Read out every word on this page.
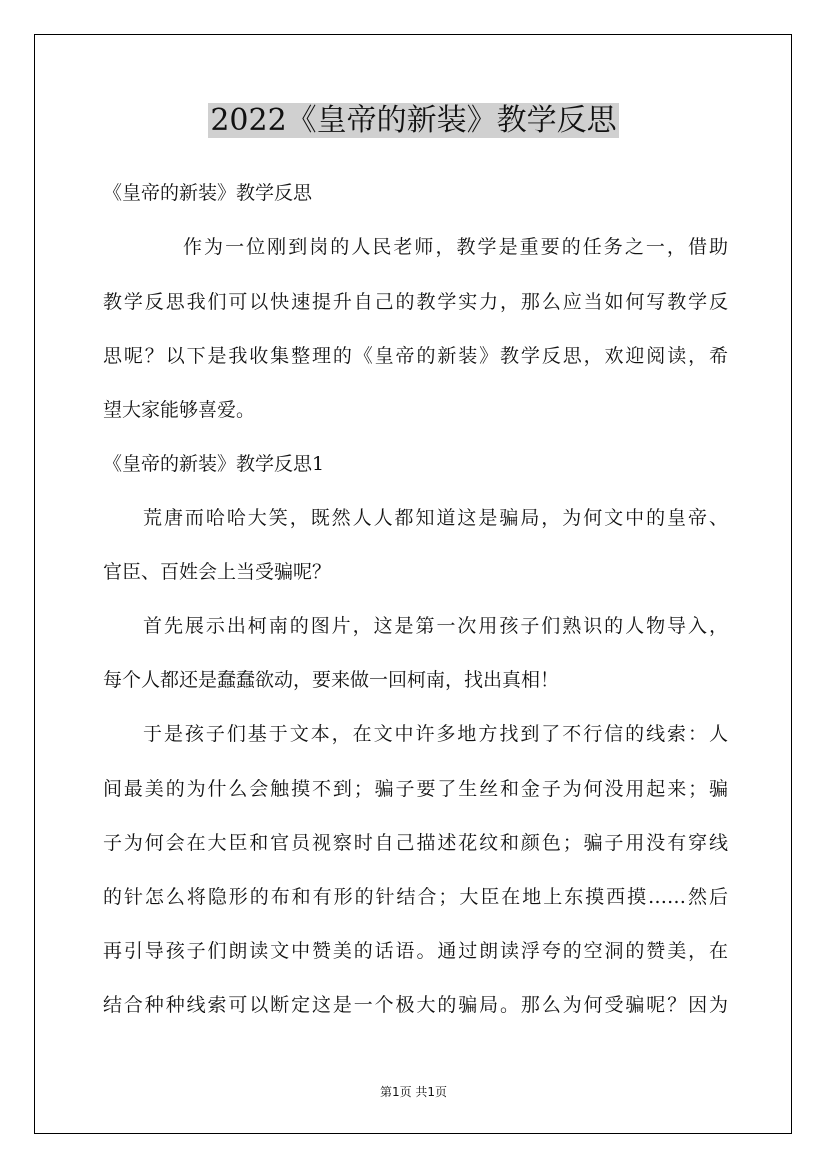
2022《皇帝的新装》教学反思
《皇帝的新装》教学反思
作为一位刚到岗的人民老师，教学是重要的任务之一，借助
教学反思我们可以快速提升自己的教学实力，那么应当如何写教学反
思呢？以下是我收集整理的《皇帝的新装》教学反思，欢迎阅读，希
望大家能够喜爱。
《皇帝的新装》教学反思1
荒唐而哈哈大笑，既然人人都知道这是骗局，为何文中的皇帝、
官臣、百姓会上当受骗呢？
首先展示出柯南的图片，这是第一次用孩子们熟识的人物导入，
每个人都还是蠢蠢欲动，要来做一回柯南，找出真相！
于是孩子们基于文本，在文中许多地方找到了不行信的线索：人
间最美的为什么会触摸不到；骗子要了生丝和金子为何没用起来；骗
子为何会在大臣和官员视察时自己描述花纹和颜色；骗子用没有穿线
的针怎么将隐形的布和有形的针结合；大臣在地上东摸西摸……然后
再引导孩子们朗读文中赞美的话语。通过朗读浮夸的空洞的赞美，在
结合种种线索可以断定这是一个极大的骗局。那么为何受骗呢？因为
第1页 共1页
